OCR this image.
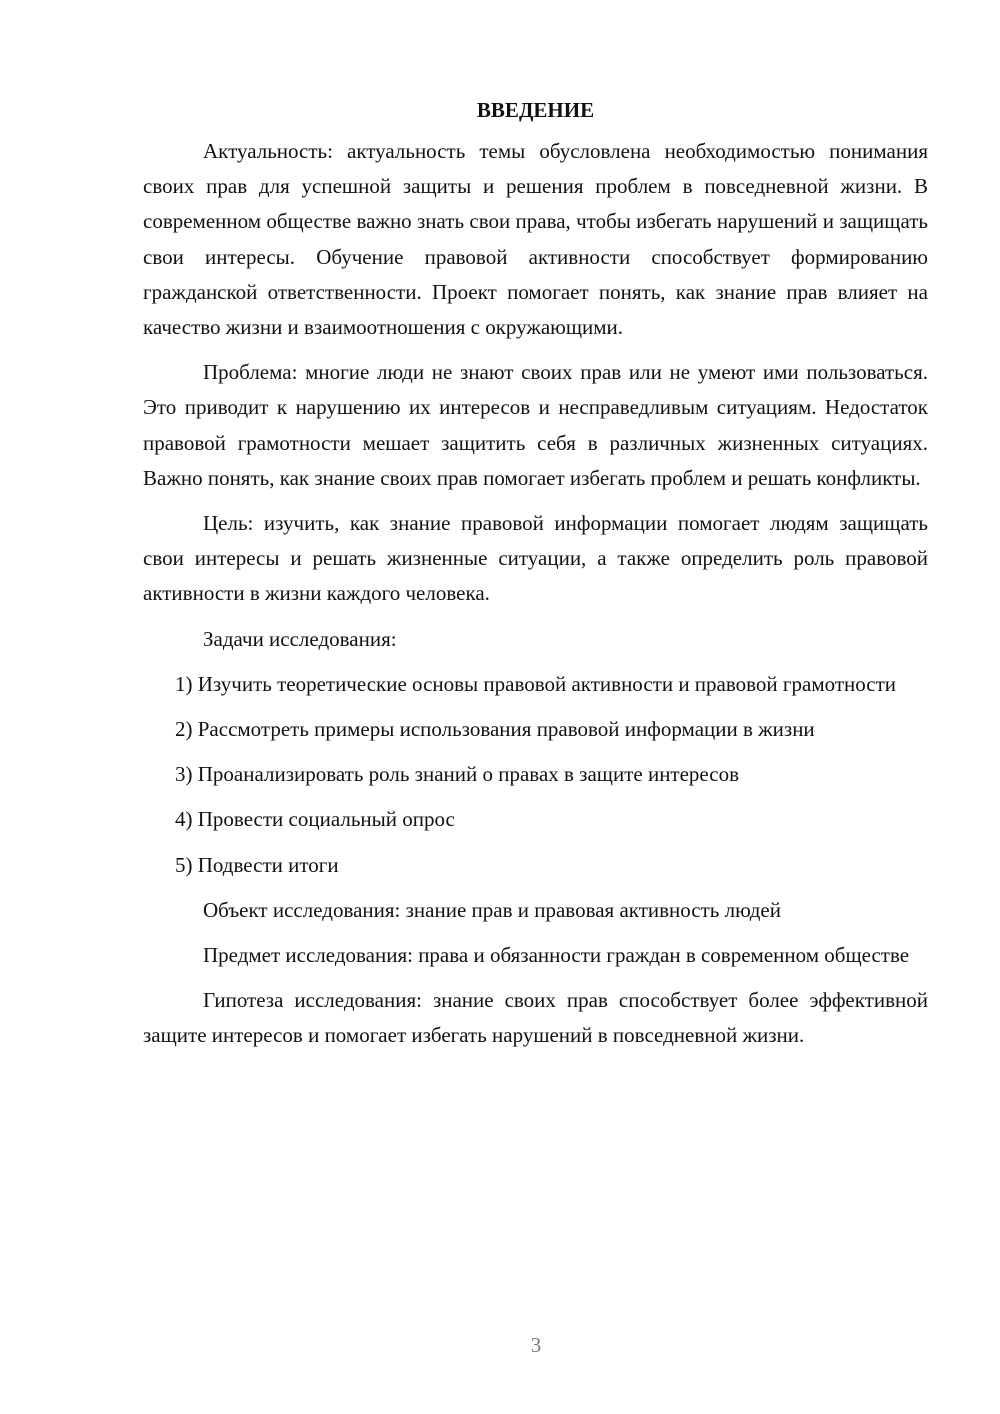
ВВЕДЕНИЕ

Актуальность: актуальность темы обусловлена необходимостью понимания своих прав для успешной защиты и решения проблем в повседневной жизни. В современном обществе важно знать свои права, чтобы избегать нарушений и защищать свои интересы. Обучение правовой активности способствует формированию гражданской ответственности. Проект помогает понять, как знание прав влияет на качество жизни и взаимоотношения с окружающими.

Проблема: многие люди не знают своих прав или не умеют ими пользоваться. Это приводит к нарушению их интересов и несправедливым ситуациям. Недостаток правовой грамотности мешает защитить себя в различных жизненных ситуациях. Важно понять, как знание своих прав помогает избегать проблем и решать конфликты.

Цель: изучить, как знание правовой информации помогает людям защищать свои интересы и решать жизненные ситуации, а также определить роль правовой активности в жизни каждого человека.

Задачи исследования:

1) Изучить теоретические основы правовой активности и правовой грамотности

2) Рассмотреть примеры использования правовой информации в жизни

3) Проанализировать роль знаний о правах в защите интересов

4) Провести социальный опрос

5) Подвести итоги

Объект исследования: знание прав и правовая активность людей

Предмет исследования: права и обязанности граждан в современном обществе

Гипотеза исследования: знание своих прав способствует более эффективной защите интересов и помогает избегать нарушений в повседневной жизни.

3
